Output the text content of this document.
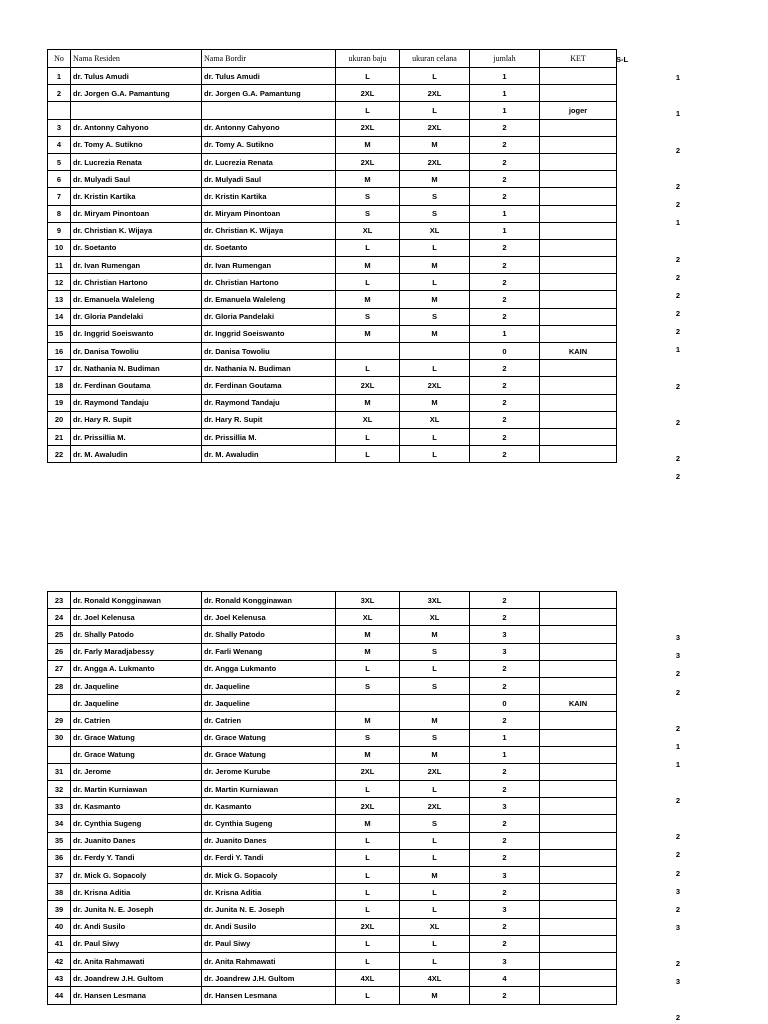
No	Nama Residen	Nama Bordir	ukuran baju	ukuran celana	jumlah	KET
1	dr. Tulus Amudi	dr. Tulus Amudi	L	L	1	
2	dr. Jorgen G.A. Pamantung	dr. Jorgen G.A. Pamantung	2XL	2XL	1	
			L	L	1	joger
3	dr. Antonny Cahyono	dr. Antonny Cahyono	2XL	2XL	2	
4	dr. Tomy A. Sutikno	dr. Tomy A. Sutikno	M	M	2	
5	dr. Lucrezia Renata	dr. Lucrezia Renata	2XL	2XL	2	
6	dr. Mulyadi Saul	dr. Mulyadi Saul	M	M	2	
7	dr. Kristin Kartika	dr. Kristin Kartika	S	S	2	
8	dr. Miryam Pinontoan	dr. Miryam Pinontoan	S	S	1	
9	dr. Christian K. Wijaya	dr. Christian K. Wijaya	XL	XL	1	
10	dr. Soetanto	dr. Soetanto	L	L	2	
11	dr. Ivan Rumengan	dr. Ivan Rumengan	M	M	2	
12	dr. Christian Hartono	dr. Christian Hartono	L	L	2	
13	dr. Emanuela Waleleng	dr. Emanuela Waleleng	M	M	2	
14	dr. Gloria Pandelaki	dr. Gloria Pandelaki	S	S	2	
15	dr. Inggrid Soeiswanto	dr. Inggrid Soeiswanto	M	M	1	
16	dr. Danisa Towoliu	dr. Danisa Towoliu			0	KAIN
17	dr. Nathania N. Budiman	dr. Nathania N. Budiman	L	L	2	
18	dr. Ferdinan Goutama	dr. Ferdinan Goutama	2XL	2XL	2	
19	dr. Raymond Tandaju	dr. Raymond Tandaju	M	M	2	
20	dr. Hary R. Supit	dr. Hary R. Supit	XL	XL	2	
21	dr. Prissillia M.	dr. Prissillia M.	L	L	2	
22	dr. M. Awaludin	dr. M. Awaludin	L	L	2	
S-L
23	dr. Ronald Kongginawan	dr. Ronald Kongginawan	3XL	3XL	2	
24	dr. Joel Kelenusa	dr. Joel Kelenusa	XL	XL	2	
25	dr. Shally Patodo	dr. Shally Patodo	M	M	3	
26	dr. Farly Maradjabessy	dr. Farli Wenang	M	S	3	
27	dr. Angga A. Lukmanto	dr. Angga Lukmanto	L	L	2	
28	dr. Jaqueline	dr. Jaqueline	S	S	2	
	dr. Jaqueline	dr. Jaqueline			0	KAIN
29	dr. Catrien	dr. Catrien	M	M	2	
30	dr. Grace Watung	dr. Grace Watung	S	S	1	
	dr. Grace Watung	dr. Grace Watung	M	M	1	
31	dr. Jerome	dr. Jerome Kurube	2XL	2XL	2	
32	dr. Martin Kurniawan	dr. Martin Kurniawan	L	L	2	
33	dr. Kasmanto	dr. Kasmanto	2XL	2XL	3	
34	dr. Cynthia Sugeng	dr. Cynthia Sugeng	M	S	2	
35	dr. Juanito Danes	dr. Juanito Danes	L	L	2	
36	dr. Ferdy Y. Tandi	dr. Ferdi Y. Tandi	L	L	2	
37	dr. Mick G. Sopacoly	dr. Mick G. Sopacoly	L	M	3	
38	dr. Krisna Aditia	dr. Krisna Aditia	L	L	2	
39	dr. Junita N. E. Joseph	dr. Junita N. E. Joseph	L	L	3	
40	dr. Andi Susilo	dr. Andi Susilo	2XL	XL	2	
41	dr. Paul Siwy	dr. Paul Siwy	L	L	2	
42	dr. Anita Rahmawati	dr. Anita Rahmawati	L	L	3	
43	dr. Joandrew J.H. Gultom	dr. Joandrew J.H. Gultom	4XL	4XL	4	
44	dr. Hansen Lesmana	dr. Hansen Lesmana	L	M	2	
1
1
2
2
2
1
2
2
2
2
2
1
2
2
2
2
3
3
2
2
2
1
1
2
2
2
2
3
2
3
2
3
2
